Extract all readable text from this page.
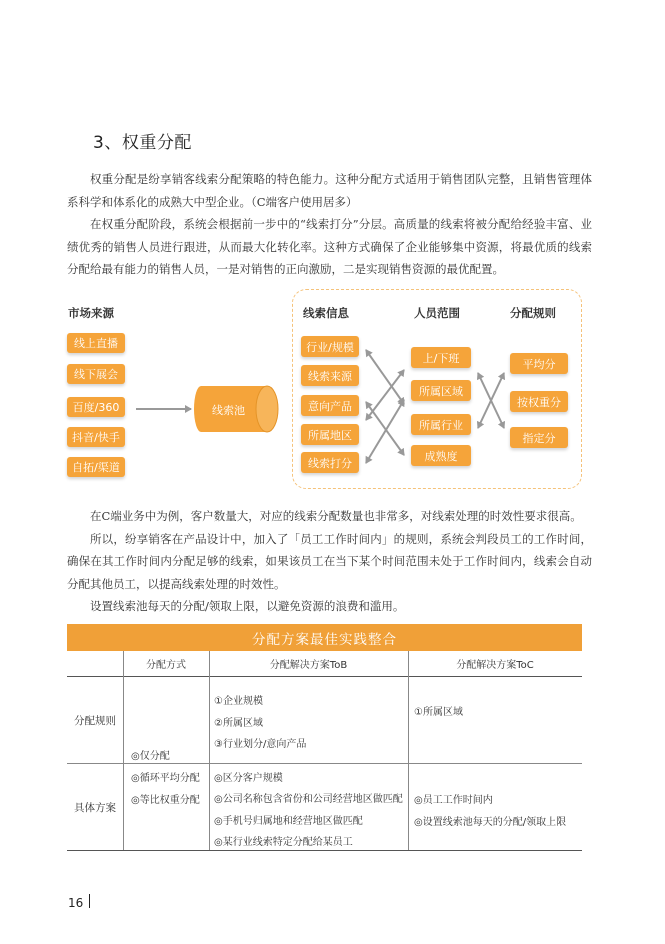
3、权重分配

权重分配是纷享销客线索分配策略的特色能力。这种分配方式适用于销售团队完整，且销售管理体系科学和体系化的成熟大中型企业。（C端客户使用居多）

在权重分配阶段，系统会根据前一步中的“线索打分”分层。高质量的线索将被分配给经验丰富、业绩优秀的销售人员进行跟进，从而最大化转化率。这种方式确保了企业能够集中资源，将最优质的线索分配给最有能力的销售人员，一是对销售的正向激励，二是实现销售资源的最优配置。

市场来源
线上直播
线下展会
百度/360
抖音/快手
自拓/渠道
线索池
线索信息
行业/规模
线索来源
意向产品
所属地区
线索打分
人员范围
上/下班
所属区域
所属行业
成熟度
分配规则
平均分
按权重分
指定分

在C端业务中为例，客户数量大，对应的线索分配数量也非常多，对线索处理的时效性要求很高。

所以，纷享销客在产品设计中，加入了「员工工作时间内」的规则，系统会判段员工的工作时间，确保在其工作时间内分配足够的线索，如果该员工在当下某个时间范围未处于工作时间内，线索会自动分配其他员工，以提高线索处理的时效性。

设置线索池每天的分配/领取上限，以避免资源的浪费和滥用。

分配方案最佳实践整合
分配方式	分配解决方案ToB	分配解决方案ToC
分配规则
具体方案
◎仅分配
◎循环平均分配
◎等比权重分配
①企业规模
②所属区域
③行业划分/意向产品
①所属区域
◎区分客户规模
◎公司名称包含省份和公司经营地区做匹配
◎手机号归属地和经营地区做匹配
◎某行业线索特定分配给某员工
◎员工工作时间内
◎设置线索池每天的分配/领取上限
16
